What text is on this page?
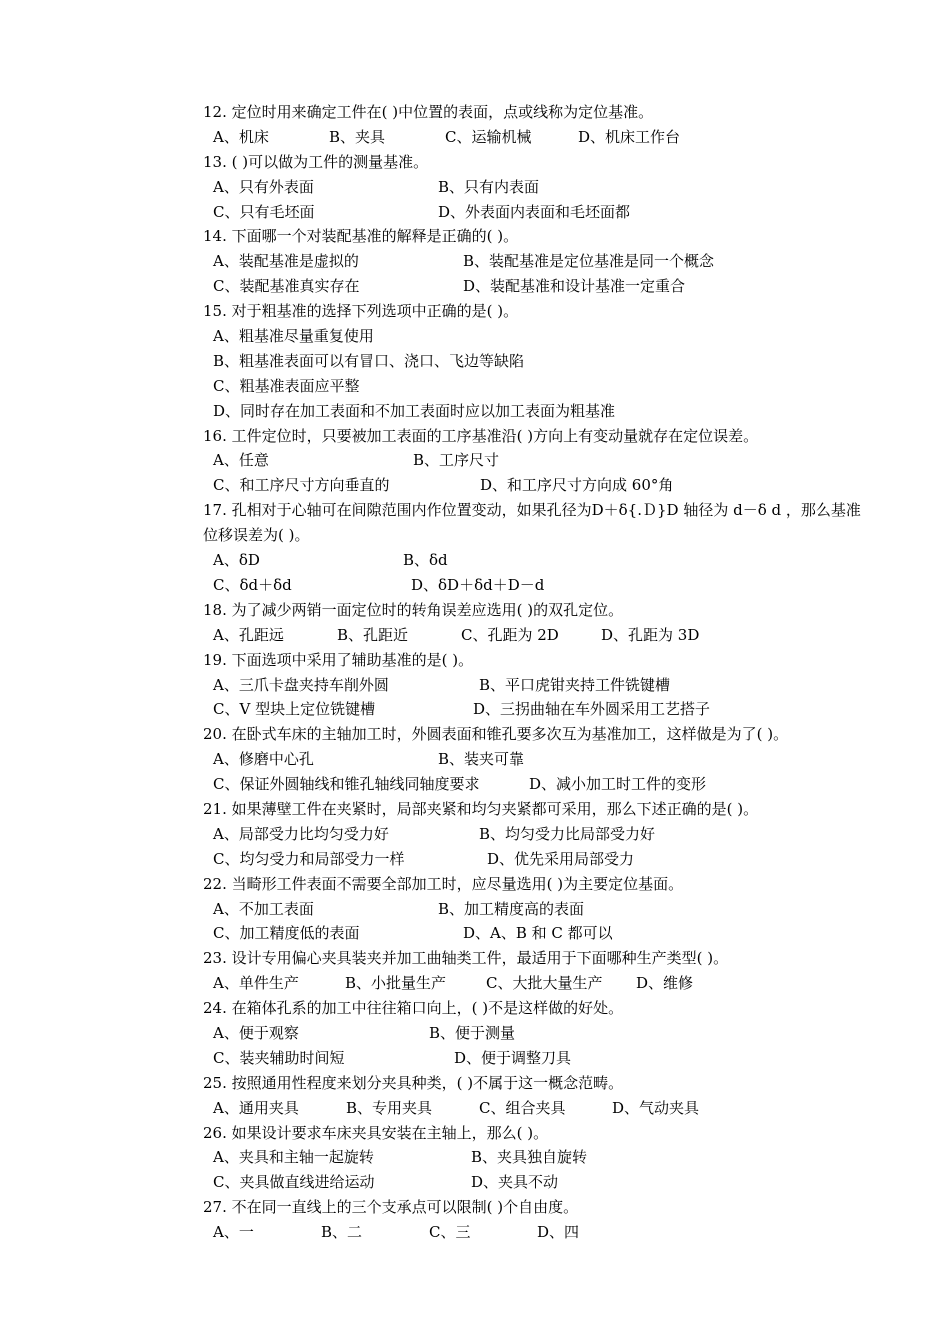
12. 定位时用来确定工件在( )中位置的表面，点或线称为定位基准。
A、机床	B、夹具	C、运输机械	D、机床工作台
13. ( )可以做为工件的测量基准。
A、只有外表面	B、只有内表面
C、只有毛坯面	D、外表面内表面和毛坯面都
14. 下面哪一个对装配基准的解释是正确的( )。
A、装配基准是虚拟的	B、装配基准是定位基准是同一个概念
C、装配基准真实存在	D、装配基准和设计基准一定重合
15. 对于粗基准的选择下列选项中正确的是( )。
A、粗基准尽量重复使用
B、粗基准表面可以有冒口、浇口、飞边等缺陷
C、粗基准表面应平整
D、同时存在加工表面和不加工表面时应以加工表面为粗基准
16. 工件定位时，只要被加工表面的工序基准沿( )方向上有变动量就存在定位误差。
A、任意	B、工序尺寸
C、和工序尺寸方向垂直的	D、和工序尺寸方向成 60°角
17. 孔相对于心轴可在间隙范围内作位置变动，如果孔径为D＋δ{.Ｄ}D 轴径为 d－δ d ，那么基准位移误差为( )。
A、δD	B、δd
C、δd＋δd	D、δD＋δd＋D－d
18. 为了减少两销一面定位时的转角误差应选用( )的双孔定位。
A、孔距远	B、孔距近	C、孔距为 2D	D、孔距为 3D
19. 下面选项中采用了辅助基准的是( )。
A、三爪卡盘夹持车削外圆	B、平口虎钳夹持工件铣键槽
C、V 型块上定位铣键槽	D、三拐曲轴在车外圆采用工艺搭子
20. 在卧式车床的主轴加工时，外圆表面和锥孔要多次互为基准加工，这样做是为了( )。
A、修磨中心孔	B、装夹可靠
C、保证外圆轴线和锥孔轴线同轴度要求	D、减小加工时工件的变形
21. 如果薄壁工件在夹紧时，局部夹紧和均匀夹紧都可采用，那么下述正确的是( )。
A、局部受力比均匀受力好	B、均匀受力比局部受力好
C、均匀受力和局部受力一样	D、优先采用局部受力
22. 当畸形工件表面不需要全部加工时，应尽量选用( )为主要定位基面。
A、不加工表面	B、加工精度高的表面
C、加工精度低的表面	D、A、B 和 C 都可以
23. 设计专用偏心夹具装夹并加工曲轴类工件，最适用于下面哪种生产类型( )。
A、单件生产	B、小批量生产	C、大批大量生产 D、维修
24. 在箱体孔系的加工中往往箱口向上，( )不是这样做的好处。
A、便于观察	B、便于测量
C、装夹辅助时间短	D、便于调整刀具
25. 按照通用性程度来划分夹具种类，( )不属于这一概念范畴。
A、通用夹具	B、专用夹具	C、组合夹具	D、气动夹具
26. 如果设计要求车床夹具安装在主轴上，那么( )。
A、夹具和主轴一起旋转	B、夹具独自旋转
C、夹具做直线进给运动	D、夹具不动
27. 不在同一直线上的三个支承点可以限制( )个自由度。
A、一	B、二	C、三	D、四
